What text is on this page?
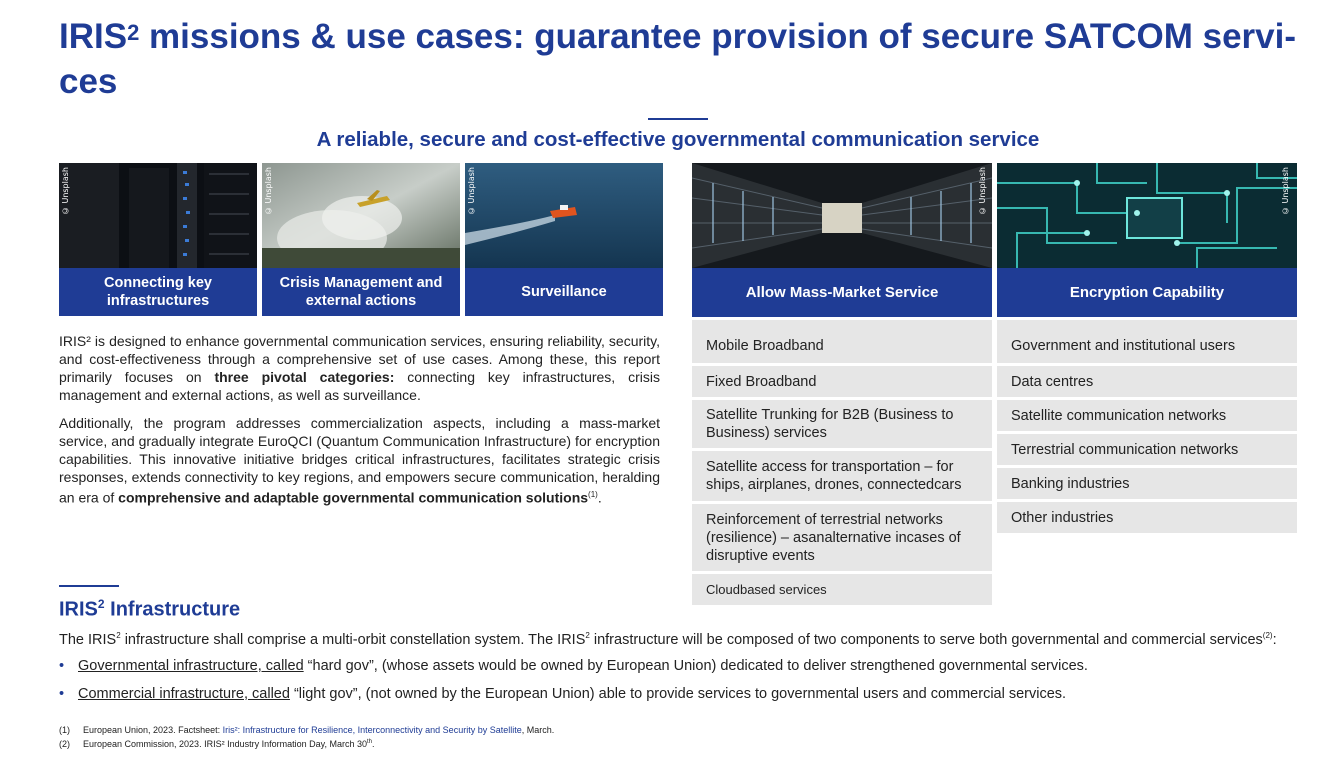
IRIS$^2$ missions & use cases: guarantee provision of secure SATCOM servi-ces
A reliable, secure and cost-effective governmental communication service
© Unsplash	© Unsplash	© Unsplash	© Unsplash	© Unsplash
Connecting key infrastructures
Crisis Management and external actions
Surveillance	Allow Mass-Market Service	Encryption Capability
IRIS² is designed to enhance governmental communication services, ensuring reliability, security, and cost-effectiveness through a comprehensive set of use cases. Among these, this report primarily focuses on three pivotal categories: connecting key infrastructures, crisis management and external actions, as well as surveillance.
Additionally, the program addresses commercialization aspects, including a mass-market service, and gradually integrate EuroQCI (Quantum Communication Infrastructure) for encryption capabilities. This innovative initiative bridges critical infrastructures, facilitates strategic crisis responses, extends connectivity to key regions, and empowers secure communication, heralding an era of comprehensive and adaptable governmental communication solutions$^{(1)}$.
Mobile Broadband
Fixed Broadband
Satellite Trunking for B2B (Business to Business) services
Satellite access for transportation – for ships, airplanes, drones, connectedcars
Reinforcement of terrestrial networks (resilience) – asanalternative incases of disruptive events
Cloudbased services
Government and institutional users
Data centres
Satellite communication networks
Terrestrial communication networks
Banking industries
Other industries
IRIS$^2$ Infrastructure
The IRIS$^2$ infrastructure shall comprise a multi-orbit constellation system. The IRIS$^2$ infrastructure will be composed of two components to serve both governmental and commercial services$^{(2)}$:
• Governmental infrastructure, called “hard gov”, (whose assets would be owned by European Union) dedicated to deliver strengthened governmental services.
• Commercial infrastructure, called “light gov”, (not owned by the European Union) able to provide services to governmental users and commercial services.
(1) European Union, 2023. Factsheet: Iris²: Infrastructure for Resilience, Interconnectivity and Security by Satellite, March.
(2) European Commission, 2023. IRIS² Industry Information Day, March 30th.
